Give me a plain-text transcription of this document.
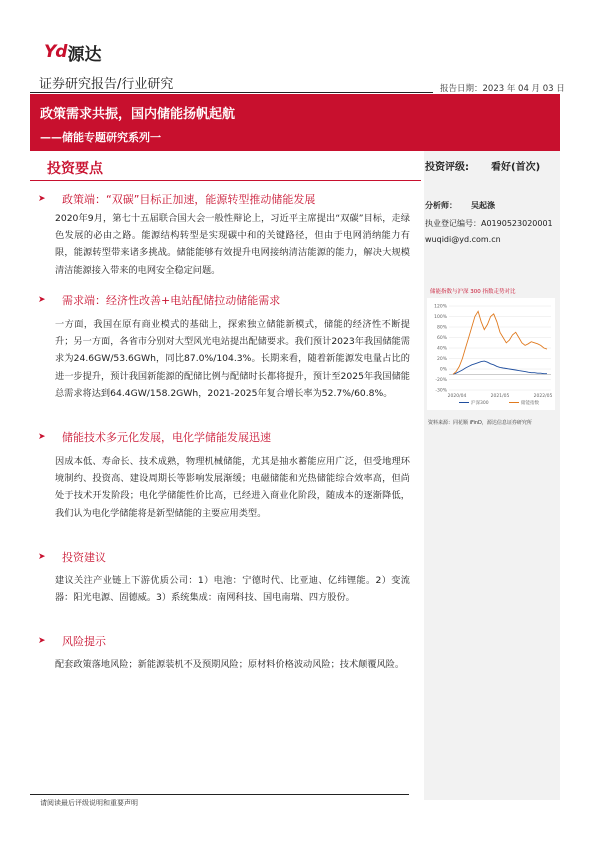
Yd 源达
证券研究报告/行业研究	报告日期：2023 年 04 月 03 日
政策需求共振，国内储能扬帆起航
——储能专题研究系列一
投资要点	投资评级: 看好(首次)
分析师： 吴起涤
执业登记编号：A0190523020001
wuqidi@yd.com.cn
储能指数与沪深 300 指数走势对比
120%
100%
80%
60%
40%
20%
0%
-20%
-30%
2020/04	2021/05	2022/05
沪深300	储能指数
资料来源：同花顺 iFinD，源达信息证券研究所
➤	政策端：“双碳”目标正加速，能源转型推动储能发展
2020年9月，第七十五届联合国大会一般性辩论上，习近平主席提出“双碳”目标，走绿色发展的必由之路。能源结构转型是实现碳中和的关键路径，但由于电网消纳能力有限，能源转型带来诸多挑战。储能能够有效提升电网接纳清洁能源的能力，解决大规模清洁能源接入带来的电网安全稳定问题。
➤	需求端：经济性改善+电站配储拉动储能需求
一方面，我国在原有商业模式的基础上，探索独立储能新模式，储能的经济性不断提升；另一方面，各省市分别对大型风光电站提出配储要求。我们预计2023年我国储能需求为24.6GW/53.6GWh，同比87.0%/104.3%。长期来看，随着新能源发电量占比的进一步提升，预计我国新能源的配储比例与配储时长都将提升，预计至2025年我国储能总需求将达到64.4GW/158.2GWh，2021-2025年复合增长率为52.7%/60.8%。
➤	储能技术多元化发展，电化学储能发展迅速
因成本低、寿命长、技术成熟，物理机械储能，尤其是抽水蓄能应用广泛，但受地理环境制约、投资高、建设周期长等影响发展渐缓；电磁储能和光热储能综合效率高，但尚处于技术开发阶段；电化学储能性价比高，已经进入商业化阶段，随成本的逐渐降低，我们认为电化学储能将是新型储能的主要应用类型。
➤	投资建议
建议关注产业链上下游优质公司：1）电池：宁德时代、比亚迪、亿纬锂能。2）变流器：阳光电源、固德威。3）系统集成：南网科技、国电南瑞、四方股份。
➤	风险提示
配套政策落地风险；新能源装机不及预期风险；原材料价格波动风险；技术颠覆风险。
请阅读最后评级说明和重要声明
